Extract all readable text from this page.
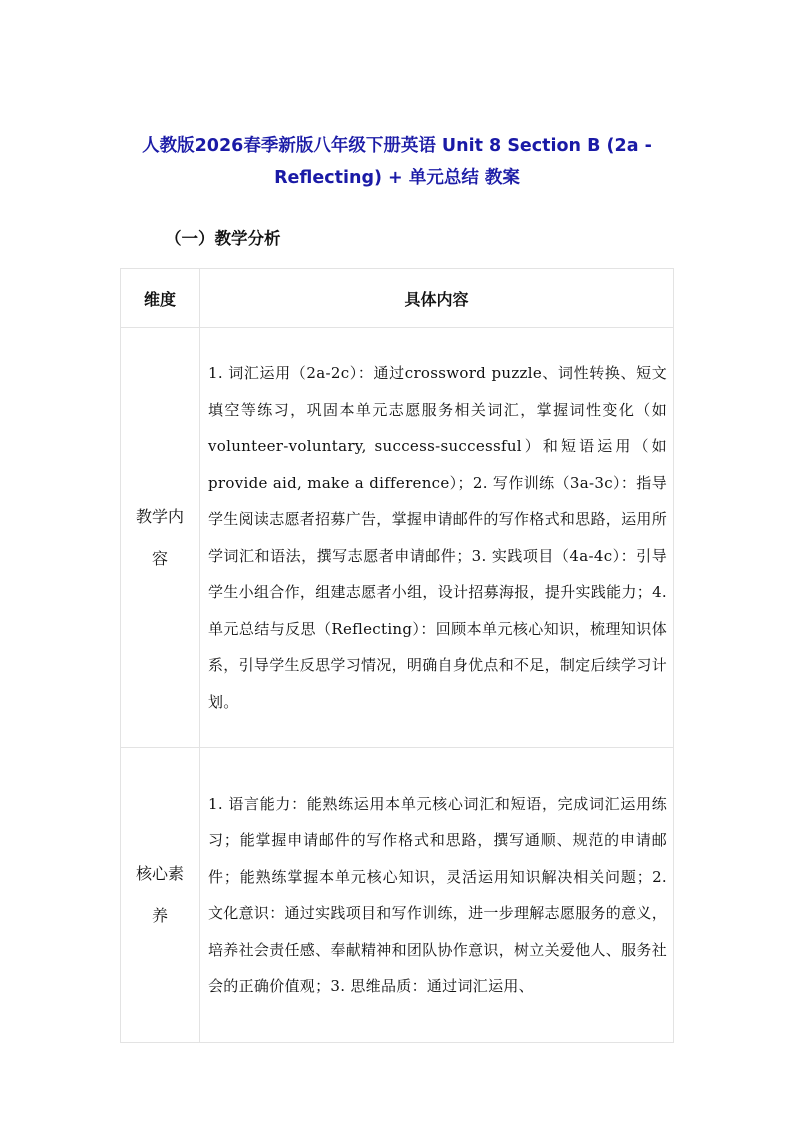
人教版2026春季新版八年级下册英语 Unit 8 Section B (2a - Reflecting) + 单元总结 教案
（一）教学分析
维度	具体内容
教学内容	1. 词汇运用（2a-2c）：通过crossword puzzle、词性转换、短文填空等练习，巩固本单元志愿服务相关词汇，掌握词性变化（如volunteer-voluntary, success-successful）和短语运用（如provide aid, make a difference）；2. 写作训练（3a-3c）：指导学生阅读志愿者招募广告，掌握申请邮件的写作格式和思路，运用所学词汇和语法，撰写志愿者申请邮件；3. 实践项目（4a-4c）：引导学生小组合作，组建志愿者小组，设计招募海报，提升实践能力；4. 单元总结与反思（Reflecting）：回顾本单元核心知识，梳理知识体系，引导学生反思学习情况，明确自身优点和不足，制定后续学习计划。
核心素养	1. 语言能力：能熟练运用本单元核心词汇和短语，完成词汇运用练习；能掌握申请邮件的写作格式和思路，撰写通顺、规范的申请邮件；能熟练掌握本单元核心知识，灵活运用知识解决相关问题；2. 文化意识：通过实践项目和写作训练，进一步理解志愿服务的意义，培养社会责任感、奉献精神和团队协作意识，树立关爱他人、服务社会的正确价值观；3. 思维品质：通过词汇运用、
